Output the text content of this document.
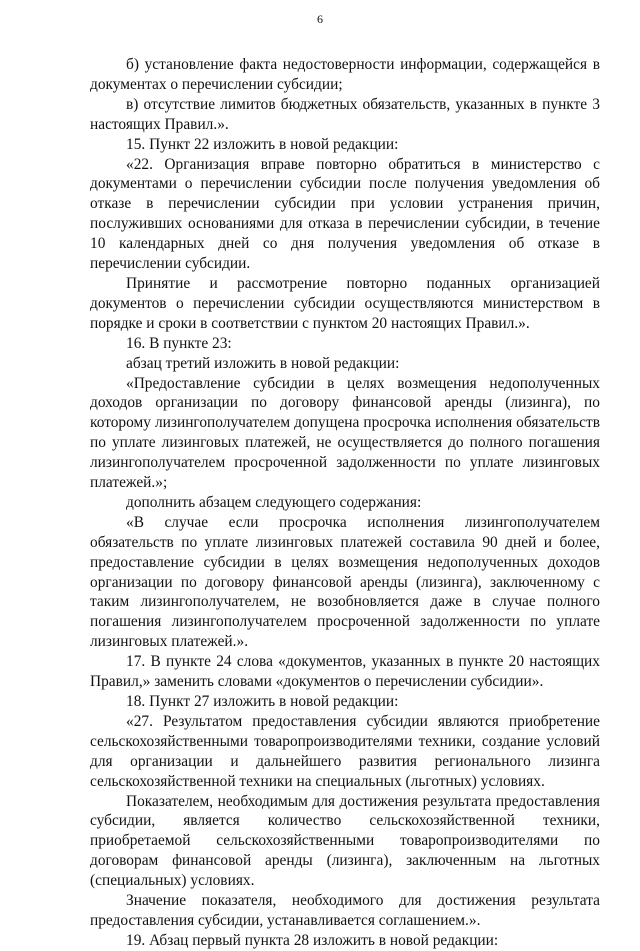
6

б) установление факта недостоверности информации, содержащейся в документах о перечислении субсидии;

в) отсутствие лимитов бюджетных обязательств, указанных в пункте 3 настоящих Правил.».

15. Пункт 22 изложить в новой редакции:

«22. Организация вправе повторно обратиться в министерство с документами о перечислении субсидии после получения уведомления об отказе в перечислении субсидии при условии устранения причин, послуживших основаниями для отказа в перечислении субсидии, в течение 10 календарных дней со дня получения уведомления об отказе в перечислении субсидии.

Принятие и рассмотрение повторно поданных организацией документов о перечислении субсидии осуществляются министерством в порядке и сроки в соответствии с пунктом 20 настоящих Правил.».

16. В пункте 23:

абзац третий изложить в новой редакции:

«Предоставление субсидии в целях возмещения недополученных доходов организации по договору финансовой аренды (лизинга), по которому лизингополучателем допущена просрочка исполнения обязательств по уплате лизинговых платежей, не осуществляется до полного погашения лизингополучателем просроченной задолженности по уплате лизинговых платежей.»;

дополнить абзацем следующего содержания:

«В случае если просрочка исполнения лизингополучателем обязательств по уплате лизинговых платежей составила 90 дней и более, предоставление субсидии в целях возмещения недополученных доходов организации по договору финансовой аренды (лизинга), заключенному с таким лизингополучателем, не возобновляется даже в случае полного погашения лизингополучателем просроченной задолженности по уплате лизинговых платежей.».

17. В пункте 24 слова «документов, указанных в пункте 20 настоящих Правил,» заменить словами «документов о перечислении субсидии».

18. Пункт 27 изложить в новой редакции:

«27. Результатом предоставления субсидии являются приобретение сельскохозяйственными товаропроизводителями техники, создание условий для организации и дальнейшего развития регионального лизинга сельскохозяйственной техники на специальных (льготных) условиях.

Показателем, необходимым для достижения результата предоставления субсидии, является количество сельскохозяйственной техники, приобретаемой сельскохозяйственными товаропроизводителями по договорам финансовой аренды (лизинга), заключенным на льготных (специальных) условиях.

Значение показателя, необходимого для достижения результата предоставления субсидии, устанавливается соглашением.».

19. Абзац первый пункта 28 изложить в новой редакции:
